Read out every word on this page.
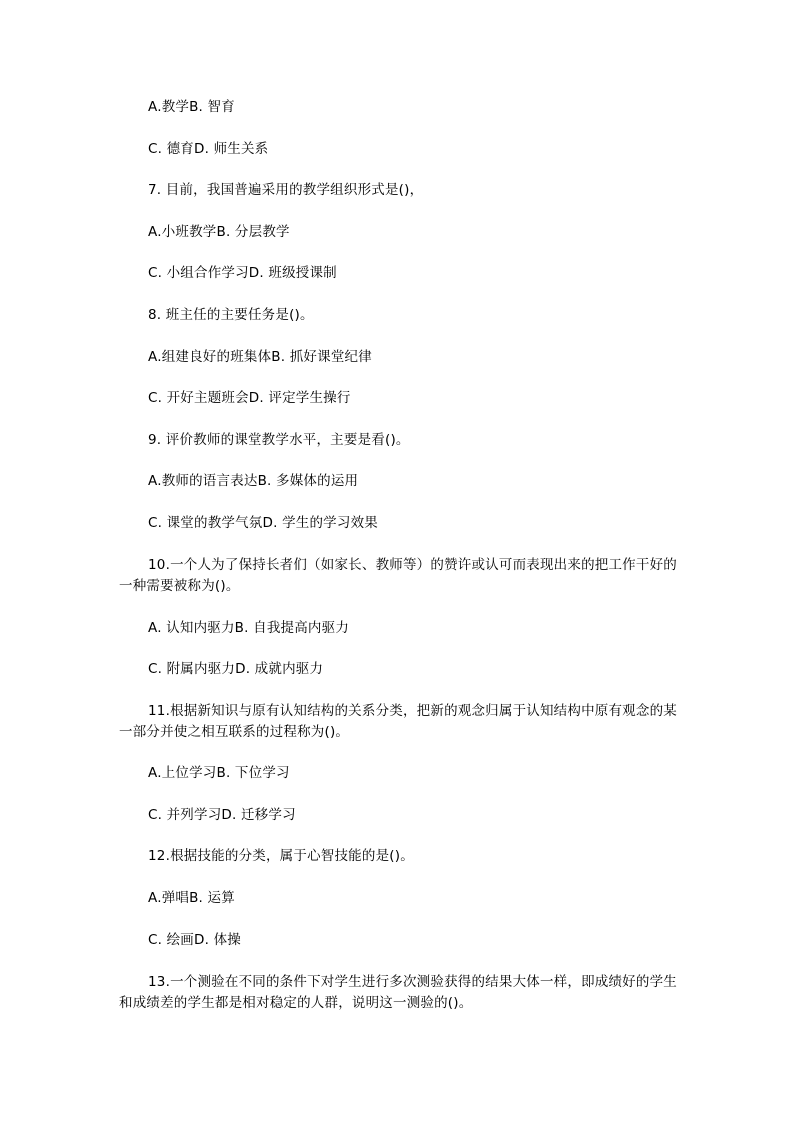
A.教学B. 智育
C. 德育D. 师生关系
7. 目前，我国普遍采用的教学组织形式是()，
A.小班教学B. 分层教学
C. 小组合作学习D. 班级授课制
8. 班主任的主要任务是()。
A.组建良好的班集体B. 抓好课堂纪律
C. 开好主题班会D. 评定学生操行
9. 评价教师的课堂教学水平，主要是看()。
A.教师的语言表达B. 多媒体的运用
C. 课堂的教学气氛D. 学生的学习效果
10.一个人为了保持长者们（如家长、教师等）的赞许或认可而表现出来的把工作干好的一种需要被称为()。
A. 认知内驱力B. 自我提高内驱力
C. 附属内驱力D. 成就内驱力
11.根据新知识与原有认知结构的关系分类，把新的观念归属于认知结构中原有观念的某一部分并使之相互联系的过程称为()。
A.上位学习B. 下位学习
C. 并列学习D. 迁移学习
12.根据技能的分类，属于心智技能的是()。
A.弹唱B. 运算
C. 绘画D. 体操
13.一个测验在不同的条件下对学生进行多次测验获得的结果大体一样，即成绩好的学生和成绩差的学生都是相对稳定的人群，说明这一测验的()。
